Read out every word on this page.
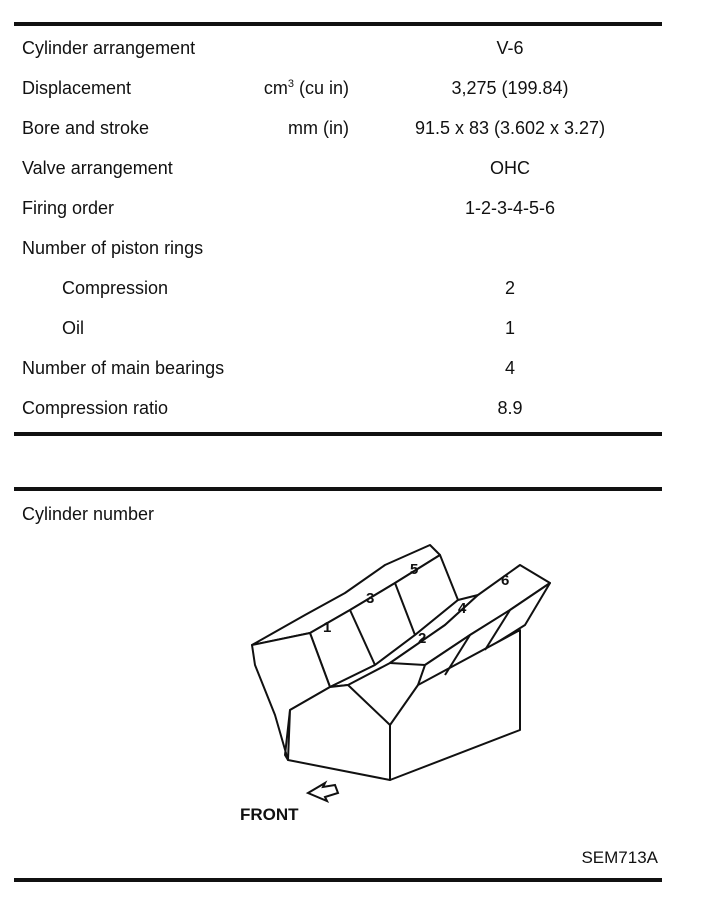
Cylinder arrangement	V-6
Displacement	$cm^3$ (cu in)	3,275 (199.84)
Bore and stroke	mm (in)	91.5 x 83 (3.602 x 3.27)
Valve arrangement	OHC
Firing order	1-2-3-4-5-6
Number of piston rings
Compression	2
Oil	1
Number of main bearings	4
Compression ratio	8.9
Cylinder number
1
3
5
2
4
6
FRONT
SEM713A
